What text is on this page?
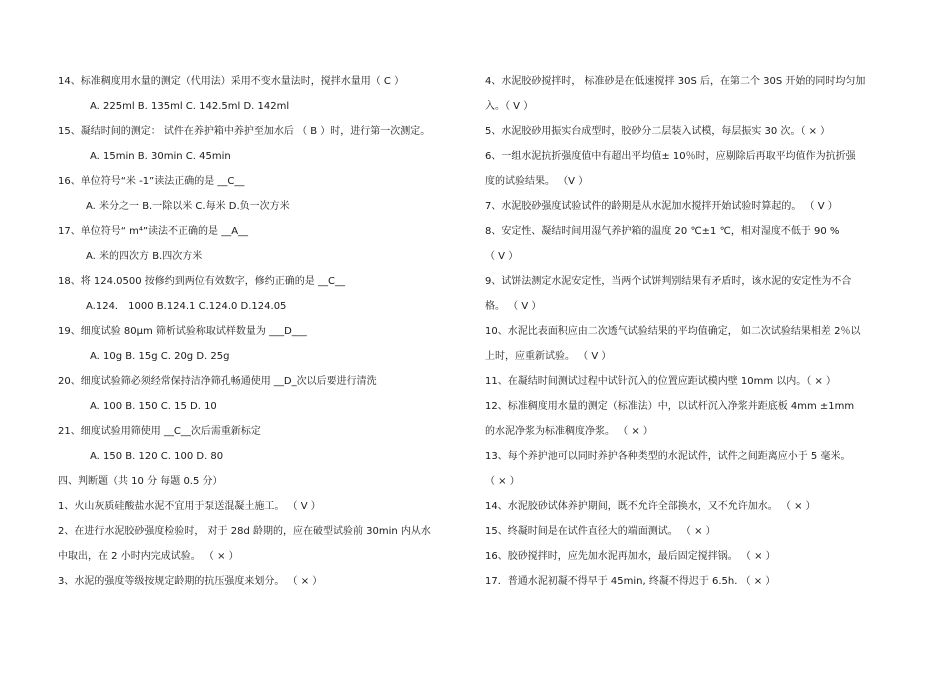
14、标准稠度用水量的测定（代用法）采用不变水量法时，搅拌水量用（ C ）
A. 225ml B. 135ml C. 142.5ml D. 142ml
15、凝结时间的测定： 试件在养护箱中养护至加水后 （ B ）时，进行第一次测定。
A. 15min B. 30min C. 45min
16、单位符号“米 -1”读法正确的是 __C__
A. 米分之一 B.一除以米 C.每米 D.负一次方米
17、单位符号“ m⁴”读法不正确的是 __A__
A. 米的四次方 B.四次方米
18、将 124.0500 按修约到两位有效数字，修约正确的是 __C__
A.124． 1000 B.124.1 C.124.0 D.124.05
19、细度试验 80μm 筛析试验称取试样数量为 ___D___
A. 10g B. 15g C. 20g D. 25g
20、细度试验筛必须经常保持洁净筛孔畅通使用 __D_次以后要进行清洗
A. 100 B. 150 C. 15 D. 10
21、细度试验用筛使用 __C__次后需重新标定
A. 150 B. 120 C. 100 D. 80
四、判断题（共 10 分 每题 0.5 分）
1、火山灰质硅酸盐水泥不宜用于泵送混凝土施工。 （ V ）
2、在进行水泥胶砂强度检验时， 对于 28d 龄期的，应在破型试验前 30min 内从水
中取出，在 2 小时内完成试验。 （ × ）
3、水泥的强度等级按规定龄期的抗压强度来划分。 （ × ）
4、水泥胶砂搅拌时， 标准砂是在低速搅拌 30S 后，在第二个 30S 开始的同时均匀加
入。（ V ）
5、水泥胶砂用振实台成型时，胶砂分二层装入试模，每层振实 30 次。（ × ）
6、一组水泥抗折强度值中有超出平均值± 10％时，应剔除后再取平均值作为抗折强
度的试验结果。 （V ）
7、水泥胶砂强度试验试件的龄期是从水泥加水搅拌开始试验时算起的。 （ V ）
8、安定性、凝结时间用湿气养护箱的温度 20 ℃±1 ℃，相对湿度不低于 90 %
（ V ）
9、试饼法测定水泥安定性，当两个试饼判别结果有矛盾时，该水泥的安定性为不合
格。 （ V ）
10、水泥比表面积应由二次透气试验结果的平均值确定， 如二次试验结果相差 2％以
上时，应重新试验。 （ V ）
11、在凝结时间测试过程中试针沉入的位置应距试模内壁 10mm 以内。（ × ）
12、标准稠度用水量的测定（标准法）中，以试杆沉入净浆并距底板 4mm ±1mm
的水泥净浆为标准稠度净浆。 （ × ）
13、每个养护池可以同时养护各种类型的水泥试件，试件之间距离应小于 5 毫米。
（ × ）
14、水泥胶砂试体养护期间，既不允许全部换水，又不允许加水。 （ × ）
15、终凝时间是在试件直径大的端面测试。 （ × ）
16、胶砂搅拌时，应先加水泥再加水，最后固定搅拌锅。 （ × ）
17．普通水泥初凝不得早于 45min, 终凝不得迟于 6.5h. （ × ）
